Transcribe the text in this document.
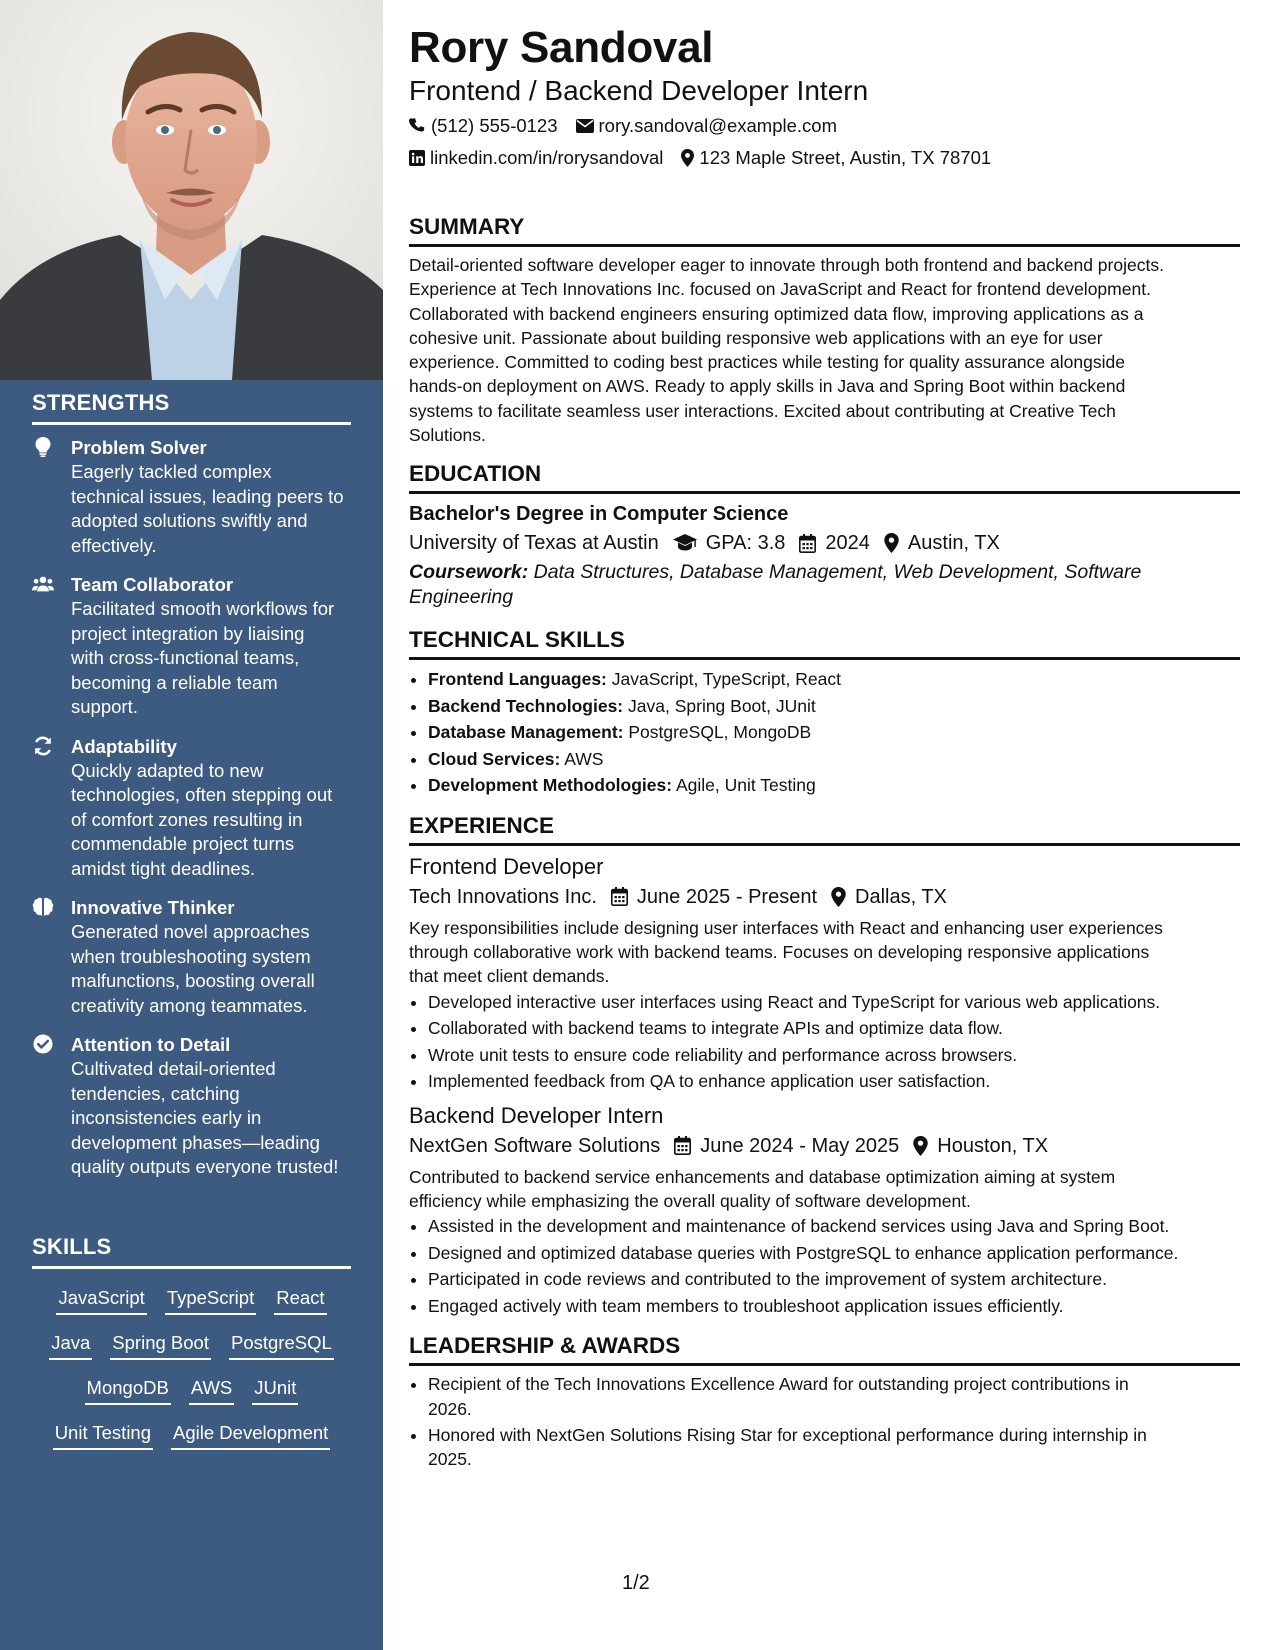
STRENGTHS
Problem Solver
Eagerly tackled complex
technical issues, leading peers to
adopted solutions swiftly and
effectively.
Team Collaborator
Facilitated smooth workflows for
project integration by liaising
with cross-functional teams,
becoming a reliable team
support.
Adaptability
Quickly adapted to new
technologies, often stepping out
of comfort zones resulting in
commendable project turns
amidst tight deadlines.
Innovative Thinker
Generated novel approaches
when troubleshooting system
malfunctions, boosting overall
creativity among teammates.
Attention to Detail
Cultivated detail-oriented
tendencies, catching
inconsistencies early in
development phases—leading
quality outputs everyone trusted!
SKILLS
JavaScript TypeScript React
Java Spring Boot PostgreSQL
MongoDB AWS JUnit
Unit Testing Agile Development
Rory Sandoval
Frontend / Backend Developer Intern
(512) 555-0123 rory.sandoval@example.com
linkedin.com/in/rorysandoval 123 Maple Street, Austin, TX 78701
SUMMARY
Detail-oriented software developer eager to innovate through both frontend and backend projects.
Experience at Tech Innovations Inc. focused on JavaScript and React for frontend development.
Collaborated with backend engineers ensuring optimized data flow, improving applications as a
cohesive unit. Passionate about building responsive web applications with an eye for user
experience. Committed to coding best practices while testing for quality assurance alongside
hands-on deployment on AWS. Ready to apply skills in Java and Spring Boot within backend
systems to facilitate seamless user interactions. Excited about contributing at Creative Tech
Solutions.
EDUCATION
Bachelor's Degree in Computer Science
University of Texas at Austin GPA: 3.8 2024 Austin, TX
Coursework: Data Structures, Database Management, Web Development, Software
Engineering
TECHNICAL SKILLS
• Frontend Languages: JavaScript, TypeScript, React
• Backend Technologies: Java, Spring Boot, JUnit
• Database Management: PostgreSQL, MongoDB
• Cloud Services: AWS
• Development Methodologies: Agile, Unit Testing
EXPERIENCE
Frontend Developer
Tech Innovations Inc. June 2025 - Present Dallas, TX
Key responsibilities include designing user interfaces with React and enhancing user experiences
through collaborative work with backend teams. Focuses on developing responsive applications
that meet client demands.
• Developed interactive user interfaces using React and TypeScript for various web applications.
• Collaborated with backend teams to integrate APIs and optimize data flow.
• Wrote unit tests to ensure code reliability and performance across browsers.
• Implemented feedback from QA to enhance application user satisfaction.
Backend Developer Intern
NextGen Software Solutions June 2024 - May 2025 Houston, TX
Contributed to backend service enhancements and database optimization aiming at system
efficiency while emphasizing the overall quality of software development.
• Assisted in the development and maintenance of backend services using Java and Spring Boot.
• Designed and optimized database queries with PostgreSQL to enhance application performance.
• Participated in code reviews and contributed to the improvement of system architecture.
• Engaged actively with team members to troubleshoot application issues efficiently.
LEADERSHIP & AWARDS
• Recipient of the Tech Innovations Excellence Award for outstanding project contributions in
2026.
• Honored with NextGen Solutions Rising Star for exceptional performance during internship in
2025.
1/2
